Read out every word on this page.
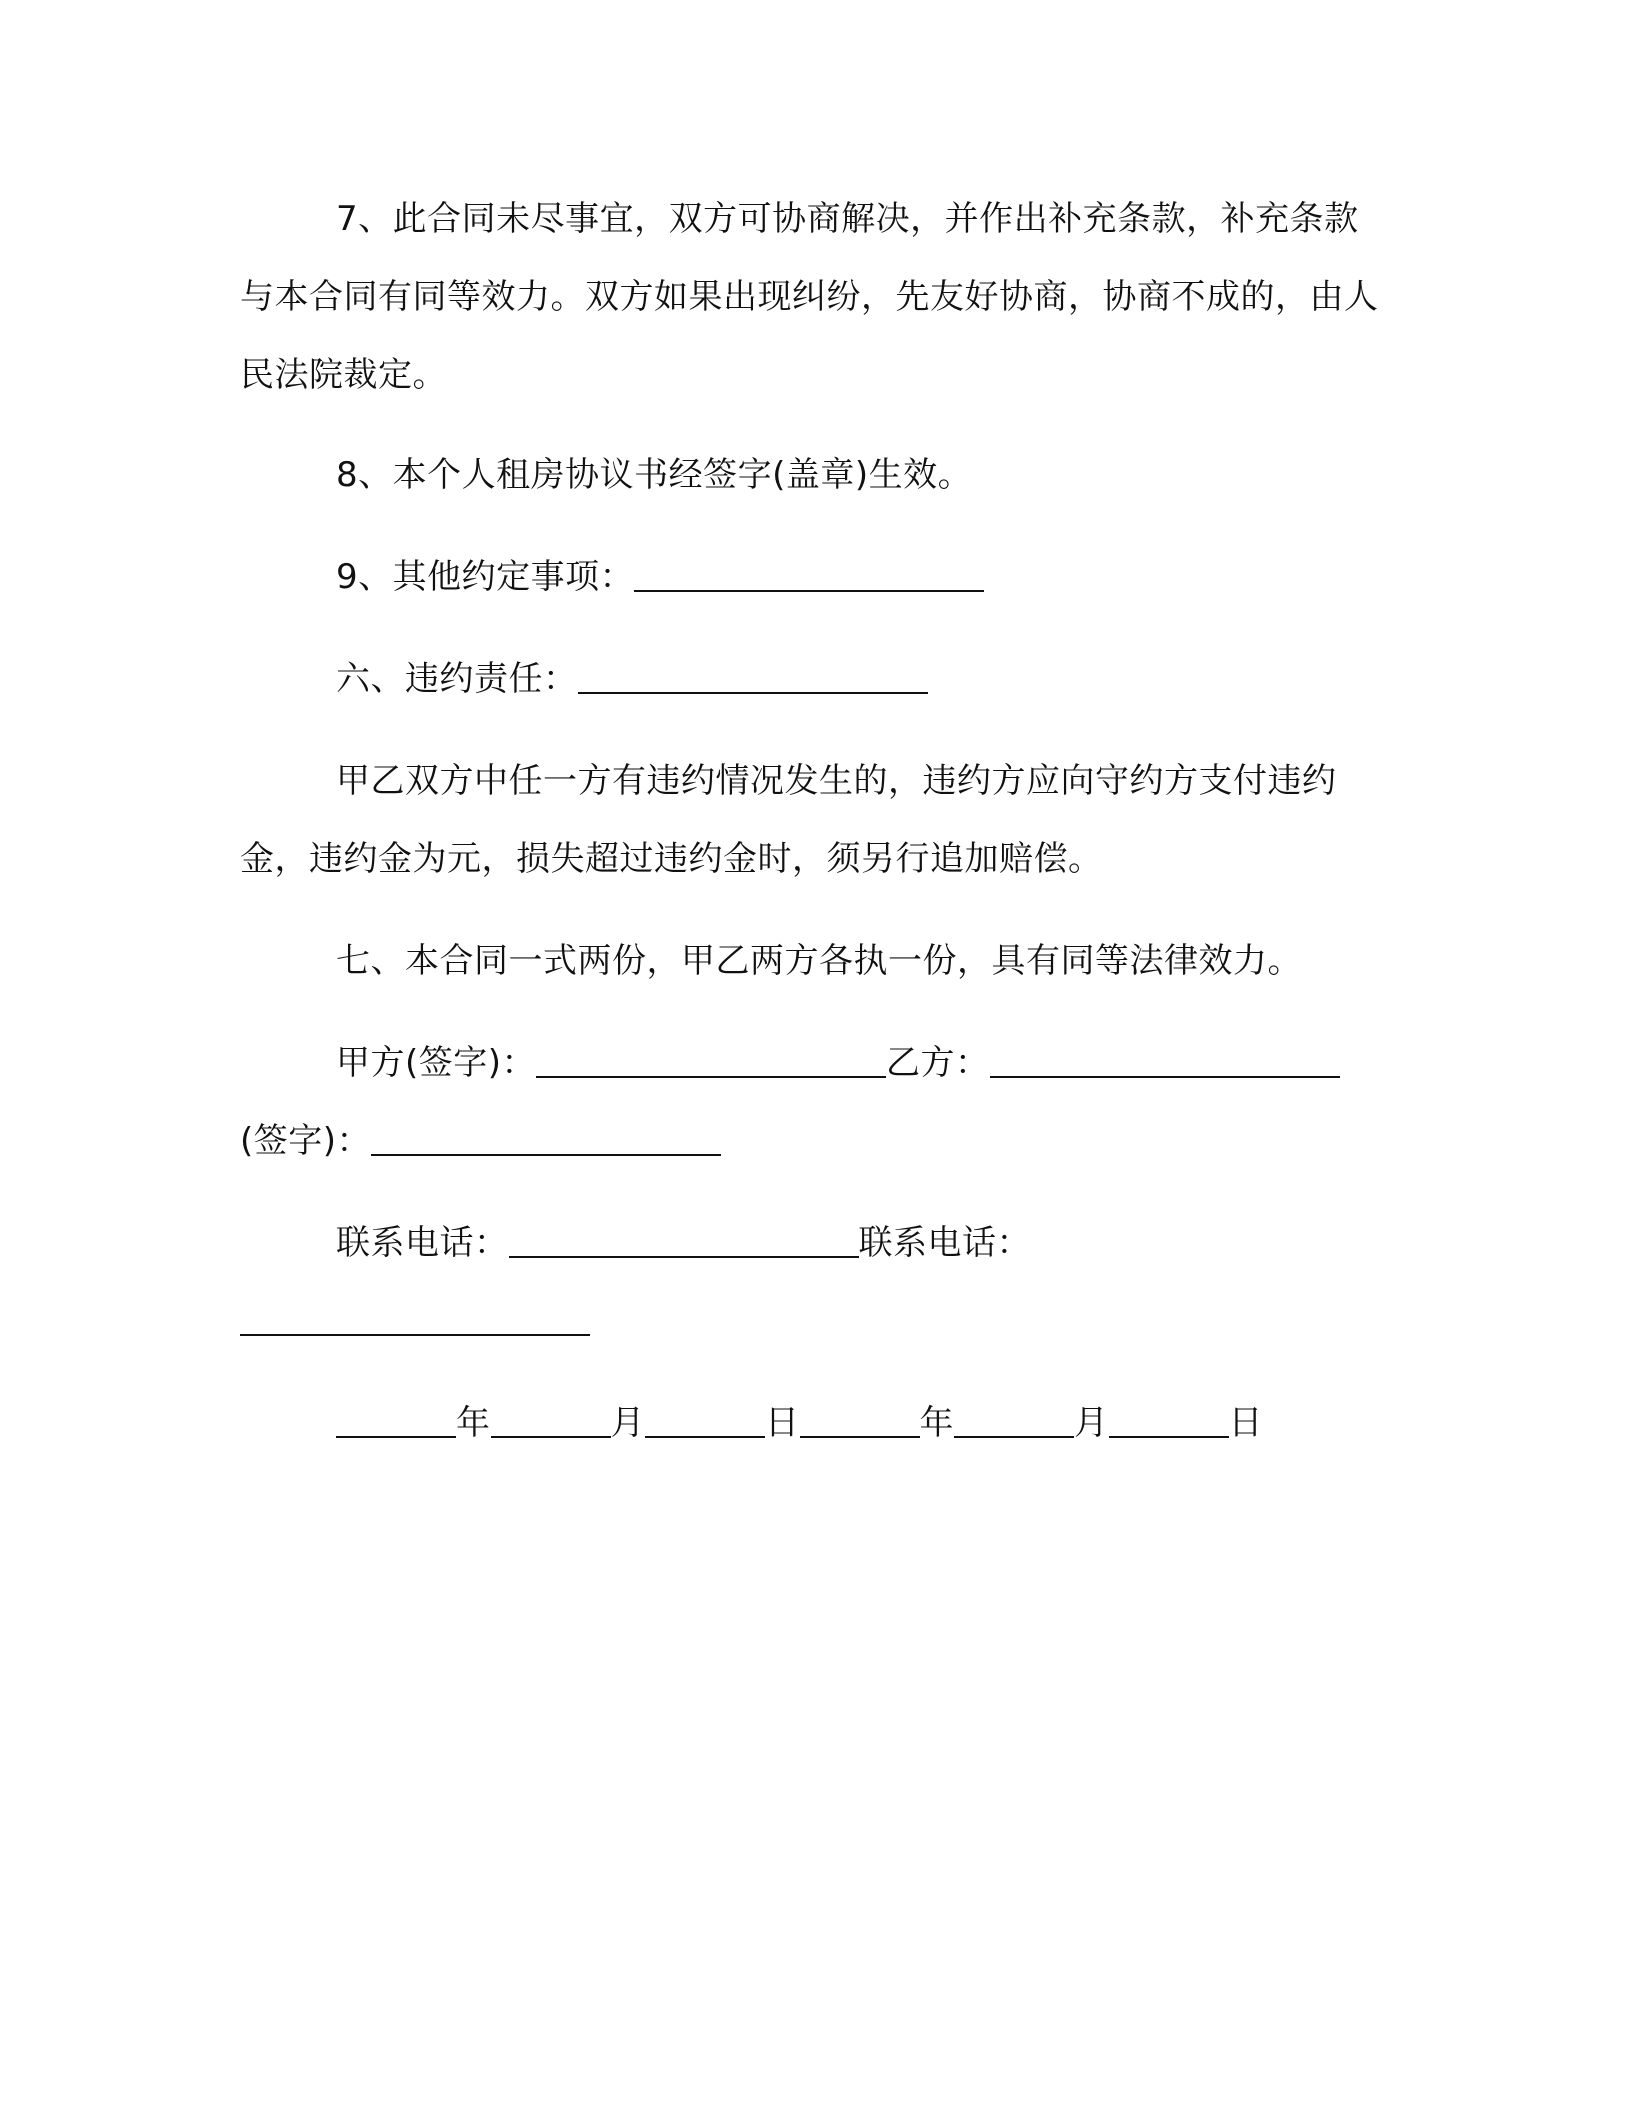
7、此合同未尽事宜，双方可协商解决，并作出补充条款，补充条款与本合同有同等效力。双方如果出现纠纷，先友好协商，协商不成的，由人民法院裁定。
8、本个人租房协议书经签字(盖章)生效。
9、其他约定事项：
六、违约责任：
甲乙双方中任一方有违约情况发生的，违约方应向守约方支付违约金，违约金为元，损失超过违约金时，须另行追加赔偿。
七、本合同一式两份，甲乙两方各执一份，具有同等法律效力。
甲方(签字)：	乙方：(签字)：
联系电话：	联系电话：
年	月	日	年	月	日
